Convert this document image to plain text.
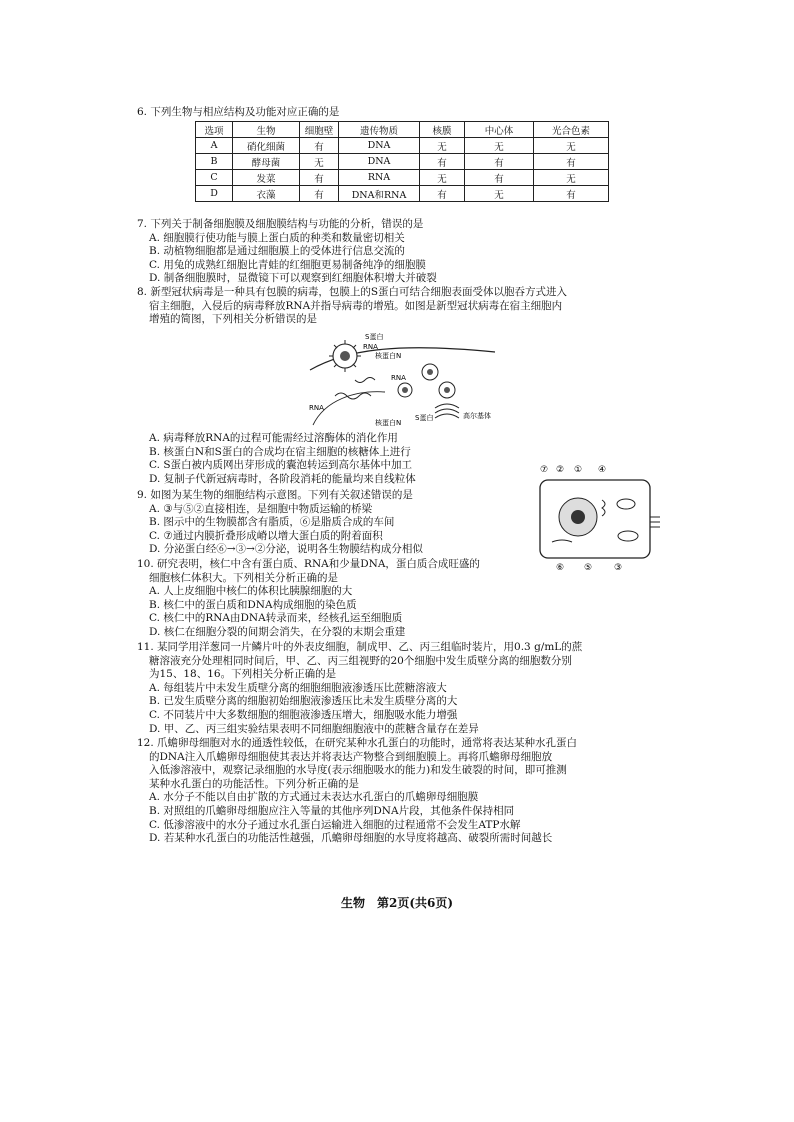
6. 下列生物与相应结构及功能对应正确的是
选项	生物	细胞壁	遗传物质	核膜	中心体	光合色素
A	硝化细菌	有	DNA	无	无	无
B	酵母菌	无	DNA	有	有	有
C	发菜	有	RNA	无	有	无
D	衣藻	有	DNA和RNA	有	无	有
7. 下列关于制备细胞膜及细胞膜结构与功能的分析，错误的是
A. 细胞膜行使功能与膜上蛋白质的种类和数量密切相关
B. 动植物细胞都是通过细胞膜上的受体进行信息交流的
C. 用兔的成熟红细胞比青蛙的红细胞更易制备纯净的细胞膜
D. 制备细胞膜时，显微镜下可以观察到红细胞体积增大并破裂
8. 新型冠状病毒是一种具有包膜的病毒，包膜上的S蛋白可结合细胞表面受体以胞吞方式进入
宿主细胞，入侵后的病毒释放RNA并指导病毒的增殖。如图是新型冠状病毒在宿主细胞内
增殖的简图，下列相关分析错误的是
S蛋白
RNA
核蛋白N
RNA
RNA
核蛋白N
S蛋白	高尔基体
A. 病毒释放RNA的过程可能需经过溶酶体的消化作用
B. 核蛋白N和S蛋白的合成均在宿主细胞的核糖体上进行
C. S蛋白被内质网出芽形成的囊泡转运到高尔基体中加工
D. 复制子代新冠病毒时，各阶段消耗的能量均来自线粒体
9. 如图为某生物的细胞结构示意图。下列有关叙述错误的是
A. ③与⑤②直接相连，是细胞中物质运输的桥梁
B. 图示中的生物膜都含有脂质，⑥是脂质合成的车间
C. ⑦通过内膜折叠形成嵴以增大蛋白质的附着面积
D. 分泌蛋白经⑥→③→②分泌，说明各生物膜结构成分相似
⑦ ② ① ④
⑥ ⑤ ③
10. 研究表明，核仁中含有蛋白质、RNA和少量DNA，蛋白质合成旺盛的
细胞核仁体积大。下列相关分析正确的是
A. 人上皮细胞中核仁的体积比胰腺细胞的大
B. 核仁中的蛋白质和DNA构成细胞的染色质
C. 核仁中的RNA由DNA转录而来，经核孔运至细胞质
D. 核仁在细胞分裂的间期会消失，在分裂的末期会重建
11. 某同学用洋葱同一片鳞片叶的外表皮细胞，制成甲、乙、丙三组临时装片，用0.3 g/mL的蔗
糖溶液充分处理相同时间后，甲、乙、丙三组视野的20个细胞中发生质壁分离的细胞数分别
为15、18、16。下列相关分析正确的是
A. 每组装片中未发生质壁分离的细胞细胞液渗透压比蔗糖溶液大
B. 已发生质壁分离的细胞初始细胞液渗透压比未发生质壁分离的大
C. 不同装片中大多数细胞的细胞液渗透压增大，细胞吸水能力增强
D. 甲、乙、丙三组实验结果表明不同细胞细胞液中的蔗糖含量存在差异
12. 爪蟾卵母细胞对水的通透性较低，在研究某种水孔蛋白的功能时，通常将表达某种水孔蛋白
的DNA注入爪蟾卵母细胞使其表达并将表达产物整合到细胞膜上。再将爪蟾卵母细胞放
入低渗溶液中，观察记录细胞的水导度(表示细胞吸水的能力)和发生破裂的时间，即可推测
某种水孔蛋白的功能活性。下列分析正确的是
A. 水分子不能以自由扩散的方式通过未表达水孔蛋白的爪蟾卵母细胞膜
B. 对照组的爪蟾卵母细胞应注入等量的其他序列DNA片段，其他条件保持相同
C. 低渗溶液中的水分子通过水孔蛋白运输进入细胞的过程通常不会发生ATP水解
D. 若某种水孔蛋白的功能活性越强，爪蟾卵母细胞的水导度将越高、破裂所需时间越长
生物　第2页(共6页)
